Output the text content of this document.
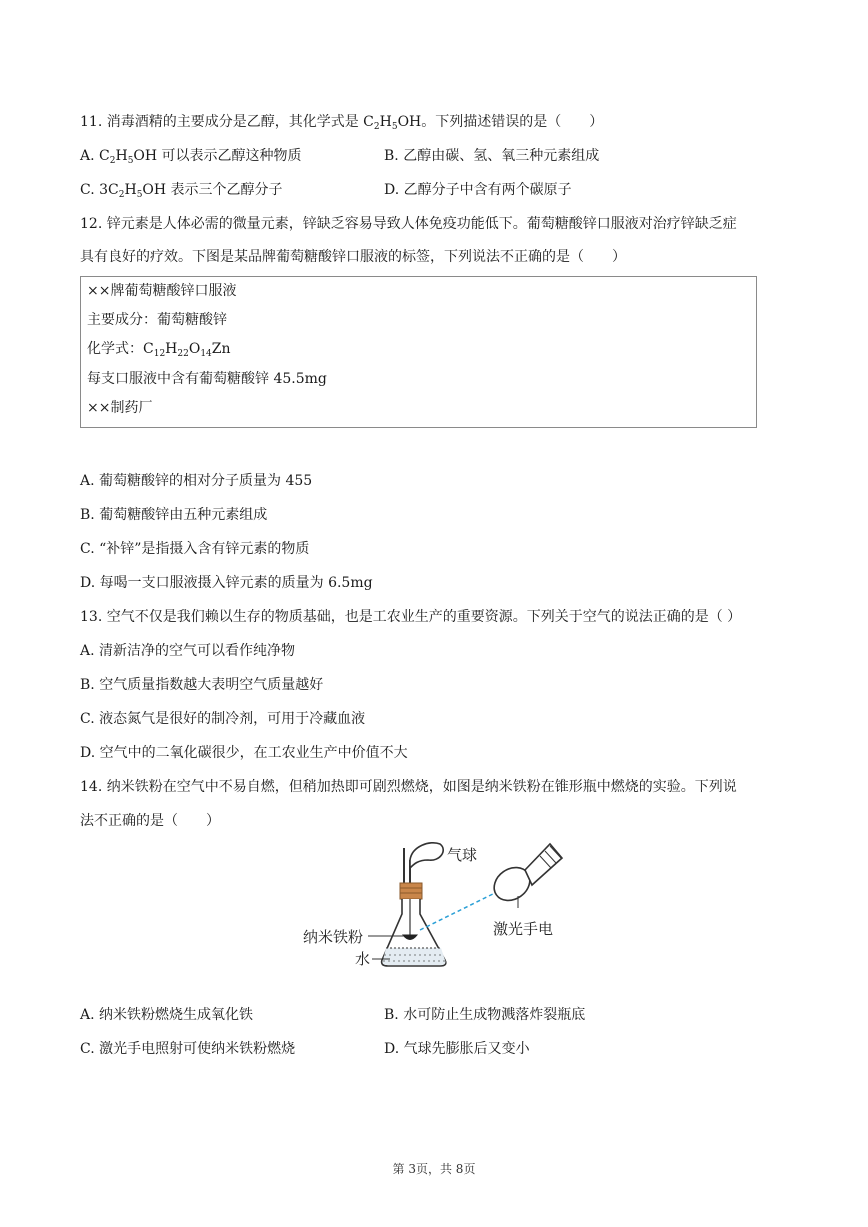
11. 消毒酒精的主要成分是乙醇，其化学式是 $C_2H_5OH$。下列描述错误的是（　　）
A. $C_2H_5OH$ 可以表示乙醇这种物质	B. 乙醇由碳、氢、氧三种元素组成
C. $3C_2H_5OH$ 表示三个乙醇分子	D. 乙醇分子中含有两个碳原子
12. 锌元素是人体必需的微量元素，锌缺乏容易导致人体免疫功能低下。葡萄糖酸锌口服液对治疗锌缺乏症
具有良好的疗效。下图是某品牌葡萄糖酸锌口服液的标签，下列说法不正确的是（　　）
××牌葡萄糖酸锌口服液
主要成分：葡萄糖酸锌
化学式：$C_{12}H_{22}O_{14}Zn$
每支口服液中含有葡萄糖酸锌 45.5mg
××制药厂
A. 葡萄糖酸锌的相对分子质量为 455
B. 葡萄糖酸锌由五种元素组成
C. “补锌”是指摄入含有锌元素的物质
D. 每喝一支口服液摄入锌元素的质量为 6.5mg
13. 空气不仅是我们赖以生存的物质基础，也是工农业生产的重要资源。下列关于空气的说法正确的是（ ）
A. 清新洁净的空气可以看作纯净物
B. 空气质量指数越大表明空气质量越好
C. 液态氮气是很好的制冷剂，可用于冷藏血液
D. 空气中的二氧化碳很少，在工农业生产中价值不大
14. 纳米铁粉在空气中不易自燃，但稍加热即可剧烈燃烧，如图是纳米铁粉在锥形瓶中燃烧的实验。下列说
法不正确的是（　　）
气球
激光手电
纳米铁粉
水
A. 纳米铁粉燃烧生成氧化铁	B. 水可防止生成物溅落炸裂瓶底
C. 激光手电照射可使纳米铁粉燃烧	D. 气球先膨胀后又变小
第 3页，共 8页
